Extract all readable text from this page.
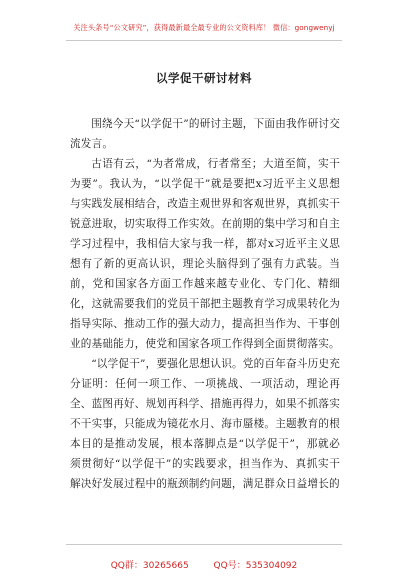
关注头条号“公文研究”，获得最新最全最专业的公文资料库！ 微信：gongwenyj
以学促干研讨材料

围绕今天“以学促干”的研讨主题，下面由我作研讨交流发言。

古语有云，“为者常成，行者常至；大道至简，实干为要”。我认为，“以学促干”就是要把x习近平主义思想与实践发展相结合，改造主观世界和客观世界，真抓实干锐意进取，切实取得工作实效。在前期的集中学习和自主学习过程中，我相信大家与我一样，都对x习近平主义思想有了新的更高认识，理论头脑得到了强有力武装。当前，党和国家各方面工作越来越专业化、专门化、精细化，这就需要我们的党员干部把主题教育学习成果转化为指导实际、推动工作的强大动力，提高担当作为、干事创业的基础能力，使党和国家各项工作得到全面贯彻落实。

“以学促干”，要强化思想认识。党的百年奋斗历史充分证明：任何一项工作、一项挑战、一项活动，理论再全、蓝图再好、规划再科学、措施再得力，如果不抓落实不干实事，只能成为镜花水月、海市蜃楼。主题教育的根本目的是推动发展，根本落脚点是“以学促干”，那就必须贯彻好“以学促干”的实践要求，担当作为、真抓实干解决好发展过程中的瓶颈制约问题，满足群众日益增长的

QQ群：30265665 QQ号：535304092
